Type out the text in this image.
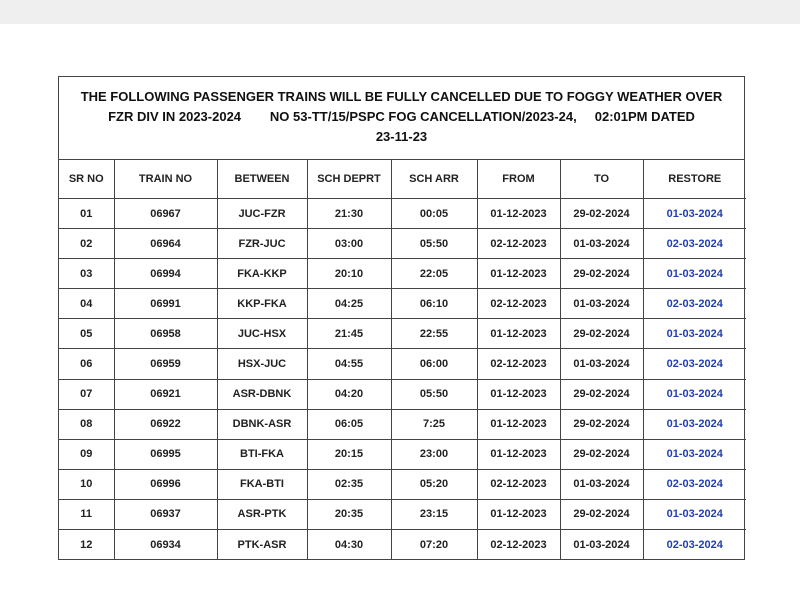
THE FOLLOWING PASSENGER TRAINS WILL BE FULLY CANCELLED DUE TO FOGGY WEATHER OVER
FZR DIV IN 2023-2024        NO 53-TT/15/PSPC FOG CANCELLATION/2023-24,     02:01PM DATED
23-11-23
SR NO	TRAIN NO	BETWEEN	SCH DEPRT	SCH ARR	FROM	TO	RESTORE
01	06967	JUC-FZR	21:30	00:05	01-12-2023	29-02-2024	01-03-2024
02	06964	FZR-JUC	03:00	05:50	02-12-2023	01-03-2024	02-03-2024
03	06994	FKA-KKP	20:10	22:05	01-12-2023	29-02-2024	01-03-2024
04	06991	KKP-FKA	04:25	06:10	02-12-2023	01-03-2024	02-03-2024
05	06958	JUC-HSX	21:45	22:55	01-12-2023	29-02-2024	01-03-2024
06	06959	HSX-JUC	04:55	06:00	02-12-2023	01-03-2024	02-03-2024
07	06921	ASR-DBNK	04:20	05:50	01-12-2023	29-02-2024	01-03-2024
08	06922	DBNK-ASR	06:05	7:25	01-12-2023	29-02-2024	01-03-2024
09	06995	BTI-FKA	20:15	23:00	01-12-2023	29-02-2024	01-03-2024
10	06996	FKA-BTI	02:35	05:20	02-12-2023	01-03-2024	02-03-2024
11	06937	ASR-PTK	20:35	23:15	01-12-2023	29-02-2024	01-03-2024
12	06934	PTK-ASR	04:30	07:20	02-12-2023	01-03-2024	02-03-2024
